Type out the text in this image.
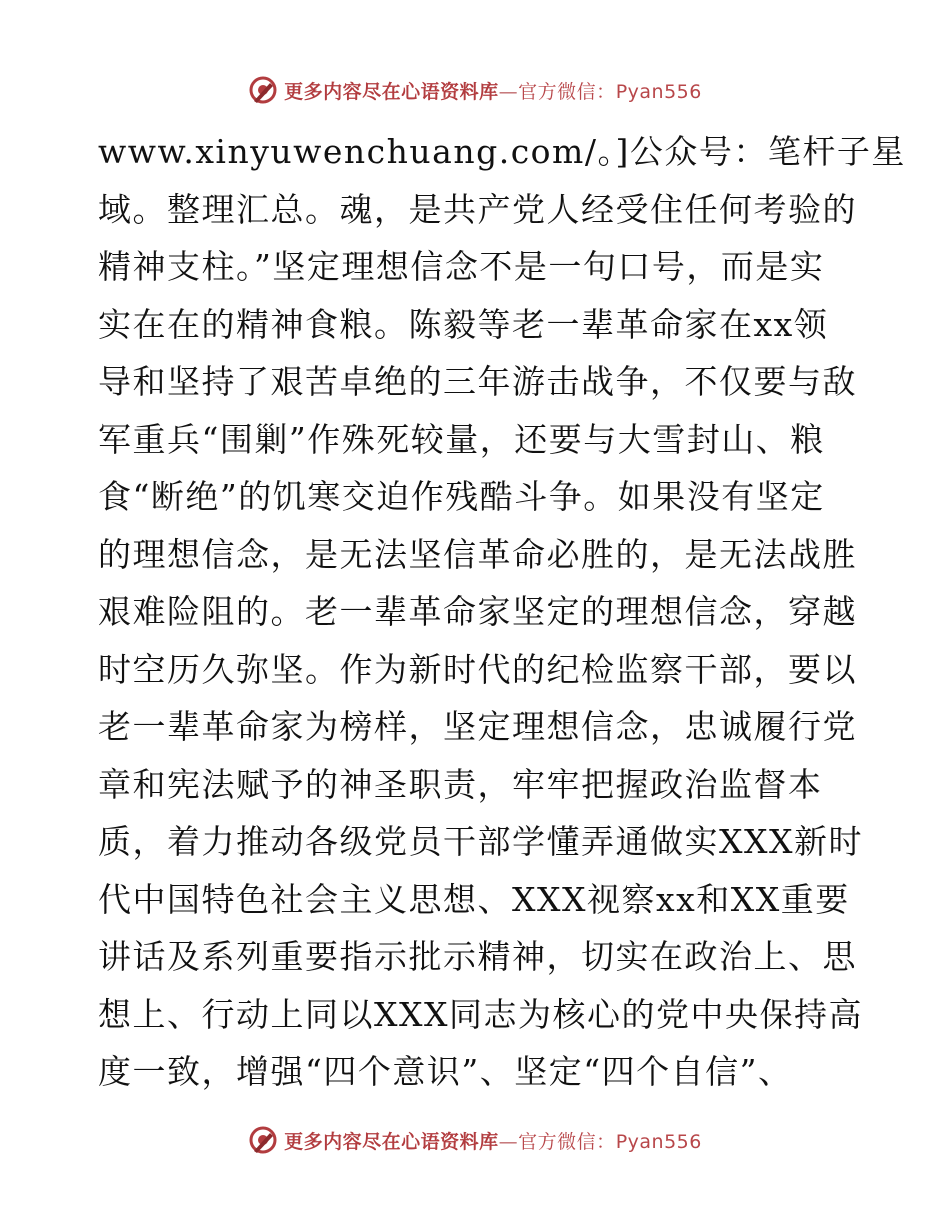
更多内容尽在心语资料库—官方微信：Pyan556
www.xinyuwenchuang.com/。]公众号：笔杆子星
域。整理汇总。魂，是共产党人经受住任何考验的
精神支柱。”坚定理想信念不是一句口号，而是实
实在在的精神食粮。陈毅等老一辈革命家在xx领
导和坚持了艰苦卓绝的三年游击战争，不仅要与敌
军重兵“围剿”作殊死较量，还要与大雪封山、粮
食“断绝”的饥寒交迫作残酷斗争。如果没有坚定
的理想信念，是无法坚信革命必胜的，是无法战胜
艰难险阻的。老一辈革命家坚定的理想信念，穿越
时空历久弥坚。作为新时代的纪检监察干部，要以
老一辈革命家为榜样，坚定理想信念，忠诚履行党
章和宪法赋予的神圣职责，牢牢把握政治监督本
质，着力推动各级党员干部学懂弄通做实XXX新时
代中国特色社会主义思想、XXX视察xx和XX重要
讲话及系列重要指示批示精神，切实在政治上、思
想上、行动上同以XXX同志为核心的党中央保持高
度一致，增强“四个意识”、坚定“四个自信”、
更多内容尽在心语资料库—官方微信：Pyan556
